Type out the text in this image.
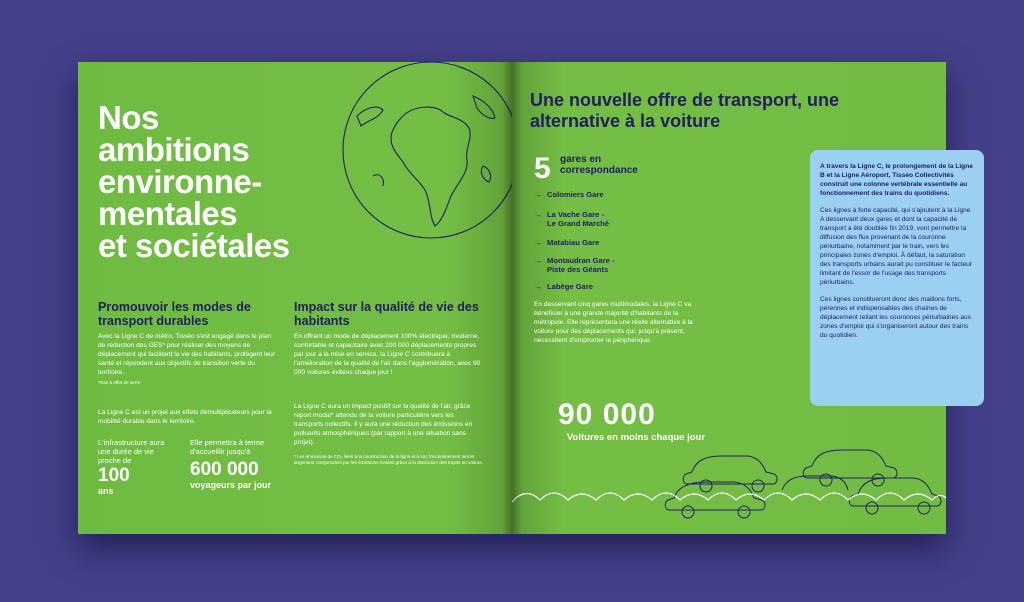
Nos
ambitions
environne-
mentales
et sociétales
Promouvoir les modes de transport durables
Avec la Ligne C de métro, Tisséo s'est engagé dans le plan de réduction des GES* pour réaliser des moyens de déplacement qui facilitent la vie des habitants, protègent leur santé et répondent aux objectifs de transition verte du territoire.
*Gaz à effet de serre
La Ligne C est un projet aux effets démultiplicateurs pour la mobilité durable dans le territoire.
L'infrastructure aura une durée de vie proche de
100
ans
Elle permettra à terme d'accueillir jusqu'à
600 000
voyageurs par jour
Impact sur la qualité de vie des habitants
En offrant un mode de déplacement 100% électrique, moderne, confortable et capacitaire avec 200 000 déplacements propres par jour à la mise en service, la Ligne C contribuera à l'amélioration de la qualité de l'air dans l'agglomération, avec 90 000 voitures évitées chaque jour !
La Ligne C aura un impact positif sur la qualité de l'air, grâce report modal* attendu de la voiture particulière vers les transports collectifs. Il y aura une réduction des émissions en polluants atmosphériques (par rapport à une situation sans projet).
* Les émissions de CO₂ liées à la construction de la ligne et à son fonctionnement seront largement compensées par les émissions évitées grâce à la diminution des trajets en voiture.
Une nouvelle offre de transport, une alternative à la voiture
5 gares en correspondance
→ Colomiers Gare
→ La Vache Gare -
Le Grand Marché
→ Matabiau Gare
→ Montaudran Gare -
Piste des Géants
→ Labège Gare
En desservant cinq gares multimodales, la Ligne C va bénéficier à une grande majorité d'habitants de la métropole. Elle représentera une réelle alternative à la voiture pour des déplacements qui, jusqu'à présent, nécessitent d'emprunter le périphérique.
90 000
Voitures en moins chaque jour

A travers la Ligne C, le prolongement de la Ligne B et la Ligne Aéroport, Tisséo Collectivités construit une colonne vertébrale essentielle au fonctionnement des trains du quotidiens.

Ces lignes à forte capacité, qui s'ajoutent à la Ligne A desservant deux gares et dont la capacité de transport a été doublée fin 2019, vont permettre la diffusion des flux provenant de la couronne périurbaine, notamment par le train, vers les principales zones d'emploi. À défaut, la saturation des transports urbains aurait pu constituer le facteur limitant de l'essor de l'usage des transports périurbains.

Ces lignes constitueront donc des maillons forts, pérennes et indispensables des chaînes de déplacement reliant les couronnes périurbaines aux zones d'emploi qui s'organiseront autour des trains du quotidien.
